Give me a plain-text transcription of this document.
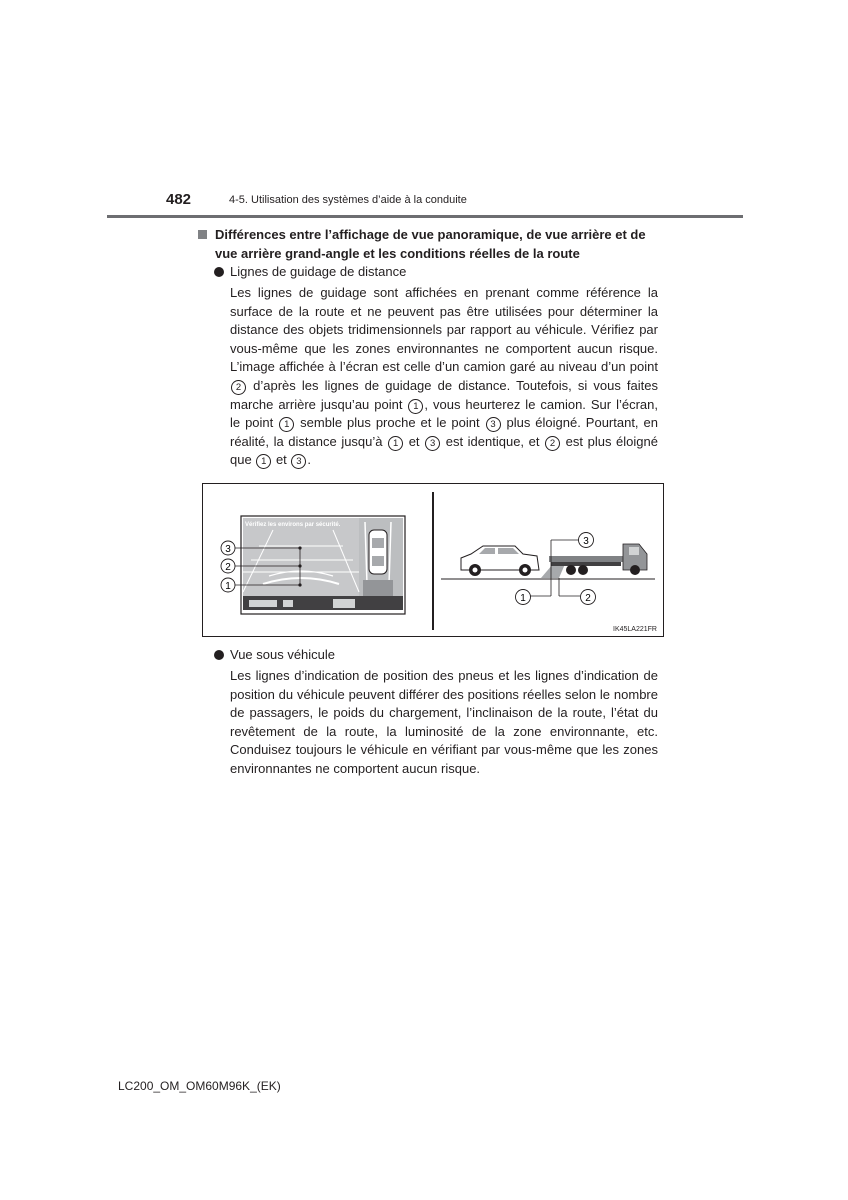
482	4-5. Utilisation des systèmes d’aide à la conduite
Différences entre l’affichage de vue panoramique, de vue arrière et de vue arrière grand-angle et les conditions réelles de la route
Lignes de guidage de distance
Les lignes de guidage sont affichées en prenant comme référence la surface de la route et ne peuvent pas être utilisées pour déterminer la distance des objets tridimensionnels par rapport au véhicule. Vérifiez par vous-même que les zones environnantes ne comportent aucun risque. L’image affichée à l’écran est celle d’un camion garé au niveau d’un point 2 d’après les lignes de guidage de distance. Toutefois, si vous faites marche arrière jusqu’au point 1 , vous heurterez le camion. Sur l’écran, le point 1 semble plus proche et le point 3 plus éloigné. Pourtant, en réalité, la distance jusqu’à 1 et 3 est identique, et 2 est plus éloigné que 1 et 3 .
Vérifiez les environs par sécurité.
3
2
1
1	2
3
IK45LA221FR
Vue sous véhicule
Les lignes d’indication de position des pneus et les lignes d’indication de position du véhicule peuvent différer des positions réelles selon le nombre de passagers, le poids du chargement, l’inclinaison de la route, l’état du revêtement de la route, la luminosité de la zone environnante, etc. Conduisez toujours le véhicule en vérifiant par vous-même que les zones environnantes ne comportent aucun risque.
LC200_OM_OM60M96K_(EK)
